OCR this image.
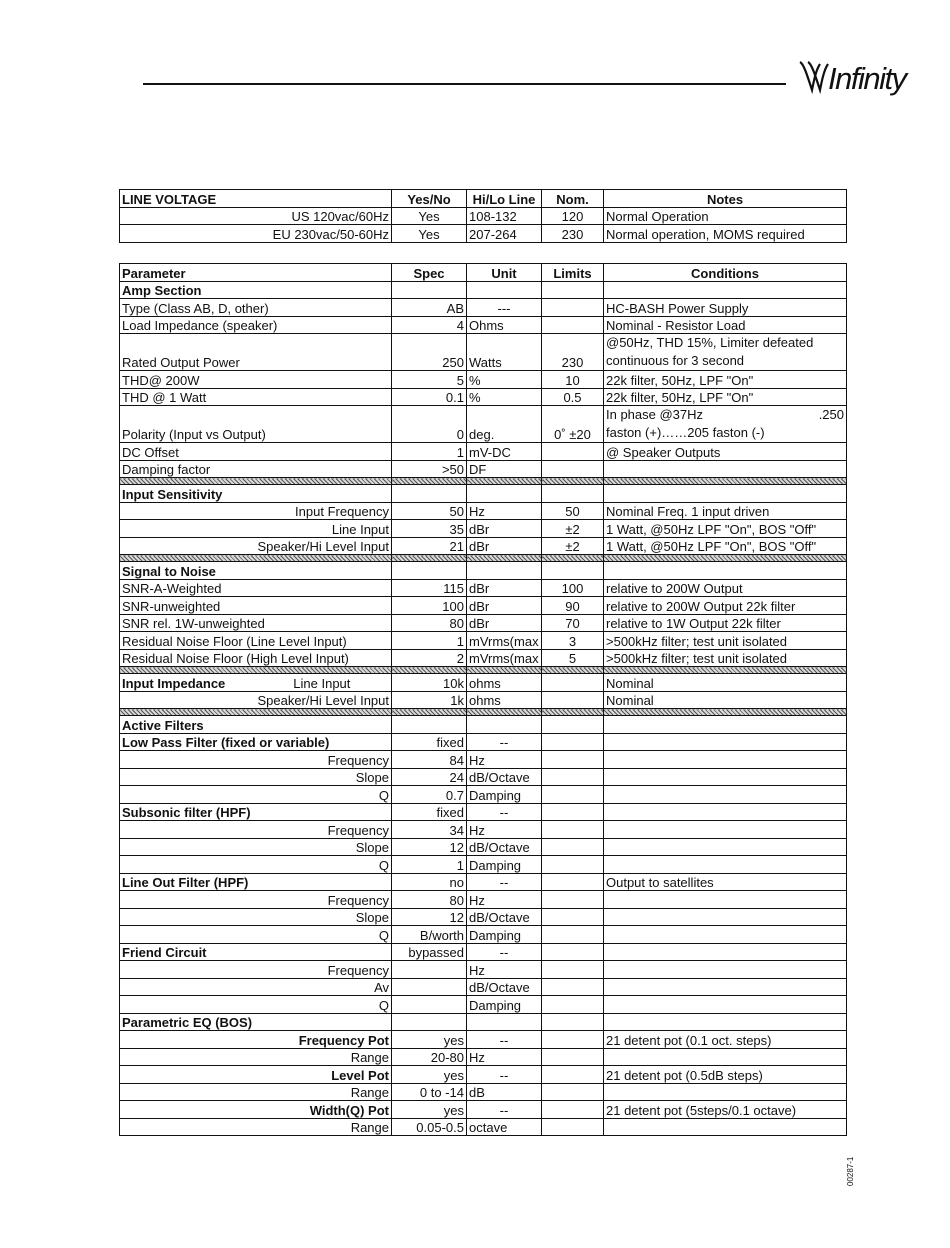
Infinity
LINE VOLTAGE	Yes/No	Hi/Lo Line	Nom.	Notes
US 120vac/60Hz	Yes	108-132	120	Normal Operation
EU 230vac/50-60Hz	Yes	207-264	230	Normal operation, MOMS required
Parameter	Spec	Unit	Limits	Conditions
Amp Section				
Type (Class AB, D, other)	AB	---		HC-BASH Power Supply
Load Impedance (speaker)	4	Ohms		Nominal - Resistor Load
Rated Output Power	250	Watts	230	@50Hz, THD 15%, Limiter defeated
continuous for 3 second

THD@ 200W	5	%	10	22k filter, 50Hz, LPF "On"
THD @ 1 Watt	0.1	%	0.5	22k filter, 50Hz, LPF "On"
Polarity (Input vs Output)	0	deg.	0˚ ±20	In phase @37Hz .250
faston (+)……205 faston (-)

DC Offset	1	mV-DC		@ Speaker Outputs
Damping factor	>50	DF		

Input Sensitivity				
Input Frequency	50	Hz	50	Nominal Freq. 1 input driven
Line Input	35	dBr	±2	1 Watt, @50Hz LPF "On", BOS "Off"
Speaker/Hi Level Input	21	dBr	±2	1 Watt, @50Hz LPF "On", BOS "Off"

Signal to Noise				
SNR-A-Weighted	115	dBr	100	relative to 200W Output
SNR-unweighted	100	dBr	90	relative to 200W Output 22k filter
SNR rel. 1W-unweighted	80	dBr	70	relative to 1W Output 22k filter
Residual Noise Floor (Line Level Input)	1	mVrms(max	3	>500kHz filter; test unit isolated
Residual Noise Floor (High Level Input)	2	mVrms(max	5	>500kHz filter; test unit isolated

Input Impedance Line Input	10k	ohms		Nominal
Speaker/Hi Level Input	1k	ohms		Nominal

Active Filters				
Low Pass Filter (fixed or variable)	fixed	--		
Frequency	84	Hz		
Slope	24	dB/Octave		
Q	0.7	Damping		
Subsonic filter (HPF)	fixed	--		
Frequency	34	Hz		
Slope	12	dB/Octave		
Q	1	Damping		
Line Out Filter (HPF)	no	--		Output to satellites
Frequency	80	Hz		
Slope	12	dB/Octave		
Q	B/worth	Damping		
Friend Circuit	bypassed	--		
Frequency		Hz		
Av		dB/Octave		
Q		Damping		
Parametric EQ (BOS)				
Frequency Pot	yes	--		21 detent pot (0.1 oct. steps)
Range	20-80	Hz		
Level Pot	yes	--		21 detent pot (0.5dB steps)
Range	0 to -14	dB		
Width(Q) Pot	yes	--		21 detent pot (5steps/0.1 octave)
Range	0.05-0.5	octave		
00287-1
